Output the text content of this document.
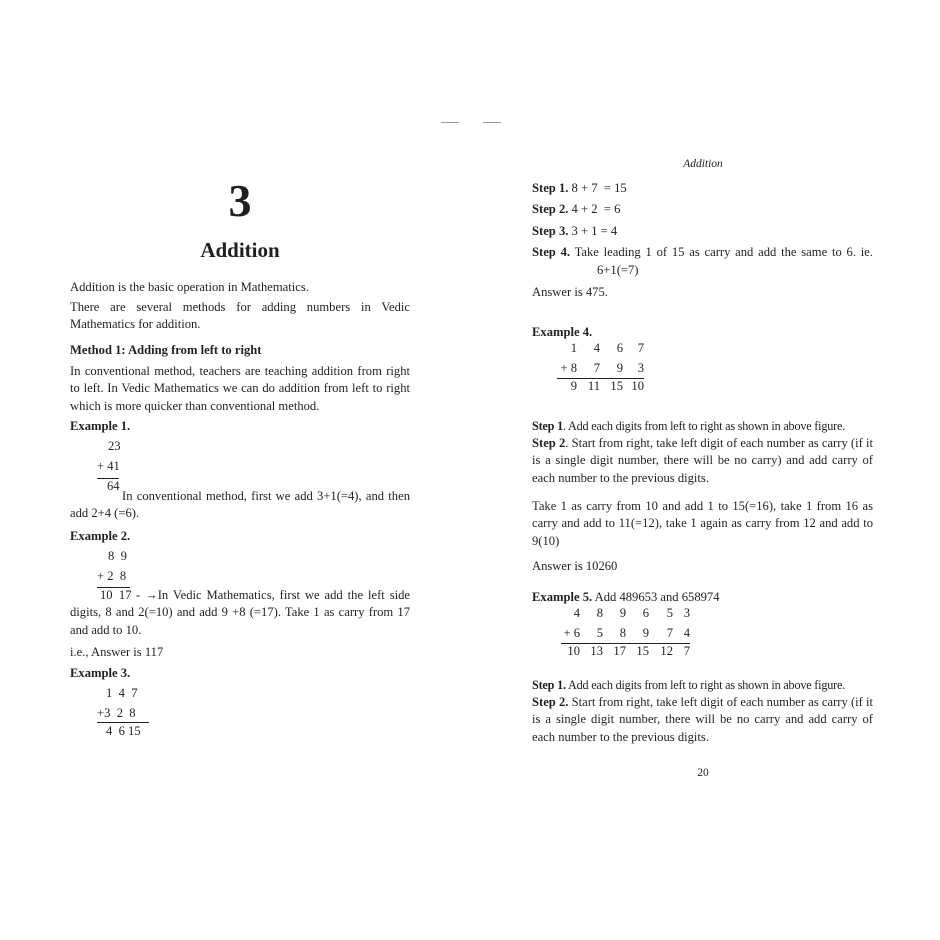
3
Addition
Addition is the basic operation in Mathematics.
There are several methods for adding numbers in Vedic Mathematics for addition.
Method 1: Adding from left to right
In conventional method, teachers are teaching addition from right to left. In Vedic Mathematics we can do addition from left to right which is more quicker than conventional method.
Example 1.
23
+ 41
64
In conventional method, first we add 3+1(=4), and then add 2+4 (=6).
Example 2.
8  9
+ 2  8
10  17 - →In Vedic Mathematics, first we add the left side digits, 8 and 2(=10) and add 9 +8 (=17). Take 1 as carry from 17 and add to 10.
i.e., Answer is 117
Example 3.
1  4  7
+3  2  8
4  6 15
Addition
Step 1. 8 + 7  = 15
Step 2. 4 + 2  = 6
Step 3. 3 + 1 = 4
Step 4. Take leading 1 of 15 as carry and add the same to 6. ie.
6+1(=7)
Answer is 475.
Example 4.
1	4	6	7
+ 8	7	9	3
9	11	15	10
Step 1. Add each digits from left to right as shown in above figure.
Step 2. Start from right, take left digit of each number as carry (if it is a single digit number, there will be no carry) and add carry of each number to the previous digits.
Take 1 as carry from 10 and add 1 to 15(=16), take 1 from 16 as carry and add to 11(=12), take 1 again as carry from 12 and add to 9(10)
Answer is 10260
Example 5. Add 489653 and 658974
4	8	9	6	5	3
+ 6	5	8	9	7	4
10	13	17	15	12	7
Step 1. Add each digits from left to right as shown in above figure.
Step 2. Start from right, take left digit of each number as carry (if it is a single digit number, there will be no carry and add carry of each number to the previous digits.
20
